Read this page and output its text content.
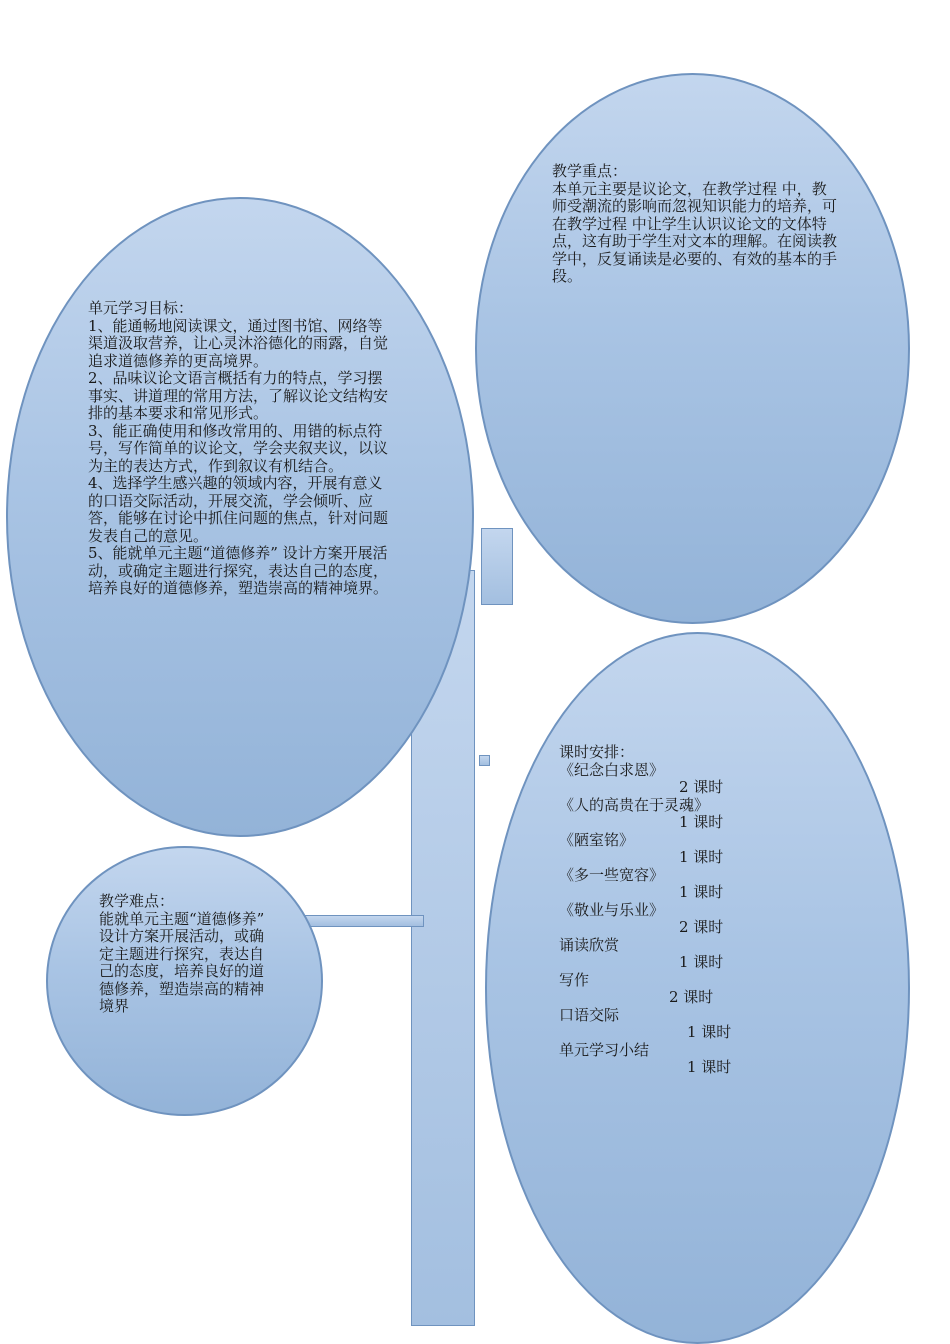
单元学习目标：

1、能通畅地阅读课文，通过图书馆、网络等渠道汲取营养，让心灵沐浴德化的雨露，自觉追求道德修养的更高境界。

2、品味议论文语言概括有力的特点，学习摆事实、讲道理的常用方法，了解议论文结构安排的基本要求和常见形式。

3、能正确使用和修改常用的、用错的标点符号，写作简单的议论文，学会夹叙夹议，以议为主的表达方式，作到叙议有机结合。

4、选择学生感兴趣的领域内容，开展有意义的口语交际活动，开展交流，学会倾听、应答，能够在讨论中抓住问题的焦点，针对问题发表自己的意见。

5、能就单元主题“道德修养” 设计方案开展活动，或确定主题进行探究，表达自己的态度，培养良好的道德修养，塑造崇高的精神境界。

教学重点：

本单元主要是议论文，在教学过程 中，教师受潮流的影响而忽视知识能力的培养，可在教学过程 中让学生认识议论文的文体特点，这有助于学生对文本的理解。在阅读教学中，反复诵读是必要的、有效的基本的手段。

教学难点：

能就单元主题“道德修养” 设计方案开展活动，或确定主题进行探究，表达自己的态度，培养良好的道德修养，塑造崇高的精神境界

课时安排：

《纪念白求恩》

2 课时

《人的高贵在于灵魂》

1 课时

《陋室铭》

1 课时

《多一些宽容》

1 课时

《敬业与乐业》

2 课时

诵读欣赏

1 课时

写作

2 课时

口语交际

1 课时

单元学习小结

1 课时
